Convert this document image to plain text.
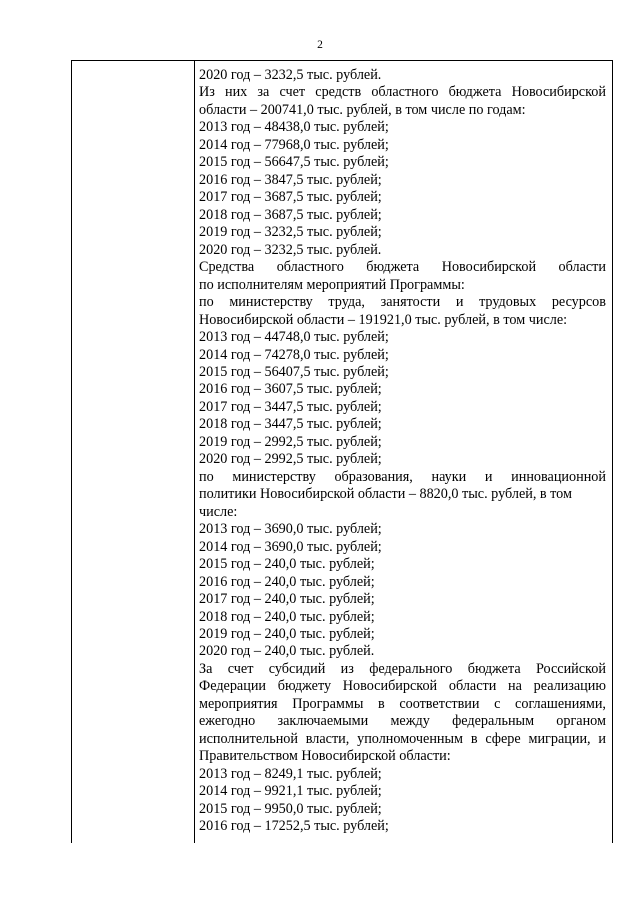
2
2020 год – 3232,5 тыс. рублей.
Из них за счет средств областного бюджета Новосибирской
области – 200741,0 тыс. рублей, в том числе по годам:
2013 год – 48438,0 тыс. рублей;
2014 год – 77968,0 тыс. рублей;
2015 год – 56647,5 тыс. рублей;
2016 год – 3847,5 тыс. рублей;
2017 год – 3687,5 тыс. рублей;
2018 год – 3687,5 тыс. рублей;
2019 год – 3232,5 тыс. рублей;
2020 год – 3232,5 тыс. рублей.
Средства областного бюджета Новосибирской области
по исполнителям мероприятий Программы:
по министерству труда, занятости и трудовых ресурсов
Новосибирской области – 191921,0 тыс. рублей, в том числе:
2013 год – 44748,0 тыс. рублей;
2014 год – 74278,0 тыс. рублей;
2015 год – 56407,5 тыс. рублей;
2016 год – 3607,5 тыс. рублей;
2017 год – 3447,5 тыс. рублей;
2018 год – 3447,5 тыс. рублей;
2019 год – 2992,5 тыс. рублей;
2020 год – 2992,5 тыс. рублей;
по министерству образования, науки и инновационной
политики Новосибирской области – 8820,0 тыс. рублей, в том
числе:
2013 год – 3690,0 тыс. рублей;
2014 год – 3690,0 тыс. рублей;
2015 год – 240,0 тыс. рублей;
2016 год – 240,0 тыс. рублей;
2017 год – 240,0 тыс. рублей;
2018 год – 240,0 тыс. рублей;
2019 год – 240,0 тыс. рублей;
2020 год – 240,0 тыс. рублей.
За счет субсидий из федерального бюджета Российской
Федерации бюджету Новосибирской области на реализацию
мероприятия Программы в соответствии с соглашениями,
ежегодно заключаемыми между федеральным органом
исполнительной власти, уполномоченным в сфере миграции, и
Правительством Новосибирской области:
2013 год – 8249,1 тыс. рублей;
2014 год – 9921,1 тыс. рублей;
2015 год – 9950,0 тыс. рублей;
2016 год – 17252,5 тыс. рублей;
